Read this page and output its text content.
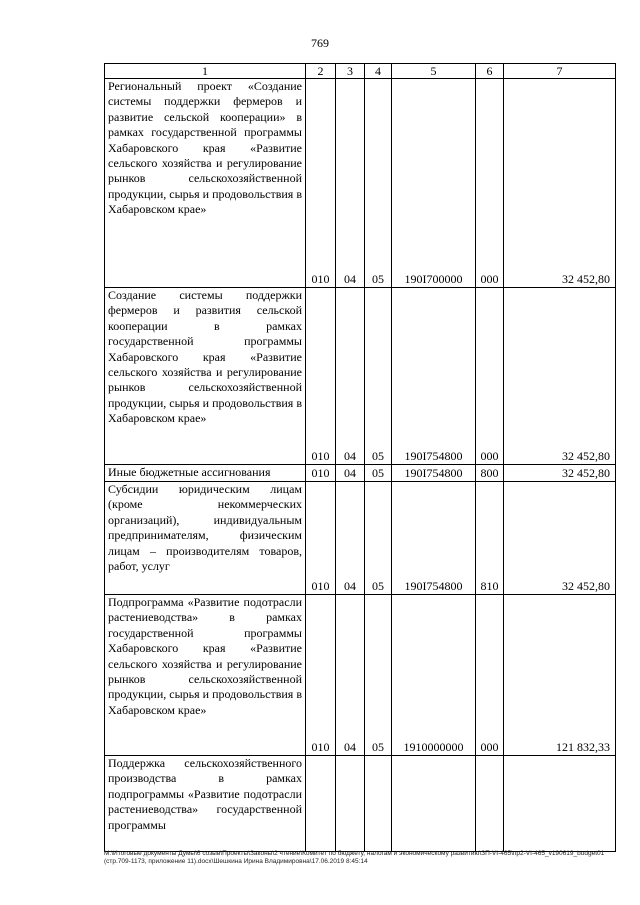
769
1	2	3	4	5	6	7
Региональный проект «Создание системы поддержки фермеров и развитие сельской кооперации» в рамках государственной программы Хабаровского края «Развитие сельского хозяйства и регулирование рынков сельскохозяйственной продукции, сырья и продовольствия в Хабаровском крае»	010	04	05	190I700000	000	32 452,80
Создание системы поддержки фермеров и развития сельской кооперации в рамках государственной программы Хабаровского края «Развитие сельского хозяйства и регулирование рынков сельскохозяйственной продукции, сырья и продовольствия в Хабаровском крае»	010	04	05	190I754800	000	32 452,80
Иные бюджетные ассигнования	010	04	05	190I754800	800	32 452,80
Субсидии юридическим лицам (кроме некоммерческих организаций), индивидуальным предпринимателям, физическим лицам – производителям товаров, работ, услуг	010	04	05	190I754800	810	32 452,80
Подпрограмма «Развитие подотрасли растениеводства» в рамках государственной программы Хабаровского края «Развитие сельского хозяйства и регулирование рынков сельскохозяйственной продукции, сырья и продовольствия в Хабаровском крае»	010	04	05	1910000000	000	121 832,33
Поддержка сельскохозяйственного производства в рамках подпрограммы «Развитие подотрасли растениеводства» государственной программы						
М:\Итоговые документы Думы\6 созыв\Проекты\Законы\2 чтение\Комитет по бюджету, налогам и экономическому развитию\ЗП-VI-465\пр2-VI-465_v190619_budget01 (стр.709-1173, приложение 11).docx\Шешкина Ирина Владимировна\17.06.2019 8:45:14
